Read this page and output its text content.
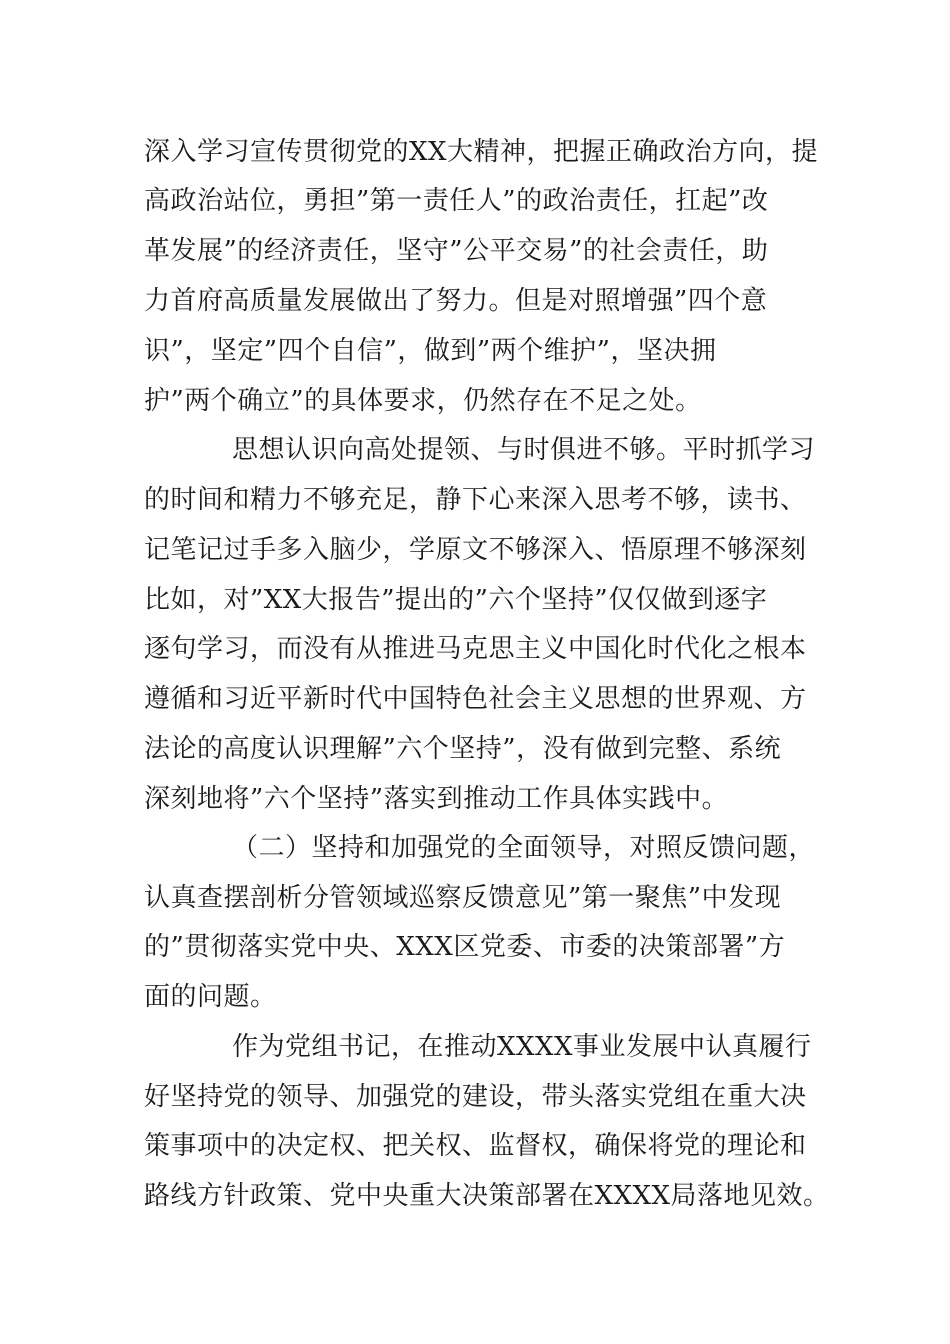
深入学习宣传贯彻党的XX大精神，把握正确政治方向，提
高政治站位，勇担”第一责任人”的政治责任，扛起”改
革发展”的经济责任，坚守”公平交易”的社会责任，助
力首府高质量发展做出了努力。但是对照增强”四个意
识”，坚定”四个自信”，做到”两个维护”，坚决拥
护”两个确立”的具体要求，仍然存在不足之处。
思想认识向高处提领、与时俱进不够。平时抓学习
的时间和精力不够充足，静下心来深入思考不够，读书、
记笔记过手多入脑少，学原文不够深入、悟原理不够深刻
比如，对”XX大报告”提出的”六个坚持”仅仅做到逐字
逐句学习，而没有从推进马克思主义中国化时代化之根本
遵循和习近平新时代中国特色社会主义思想的世界观、方
法论的高度认识理解”六个坚持”，没有做到完整、系统
深刻地将”六个坚持”落实到推动工作具体实践中。
（二）坚持和加强党的全面领导，对照反馈问题，
认真查摆剖析分管领域巡察反馈意见”第一聚焦”中发现
的”贯彻落实党中央、XXX区党委、市委的决策部署”方
面的问题。
作为党组书记，在推动XXXX事业发展中认真履行
好坚持党的领导、加强党的建设，带头落实党组在重大决
策事项中的决定权、把关权、监督权，确保将党的理论和
路线方针政策、党中央重大决策部署在XXXX局落地见效。
